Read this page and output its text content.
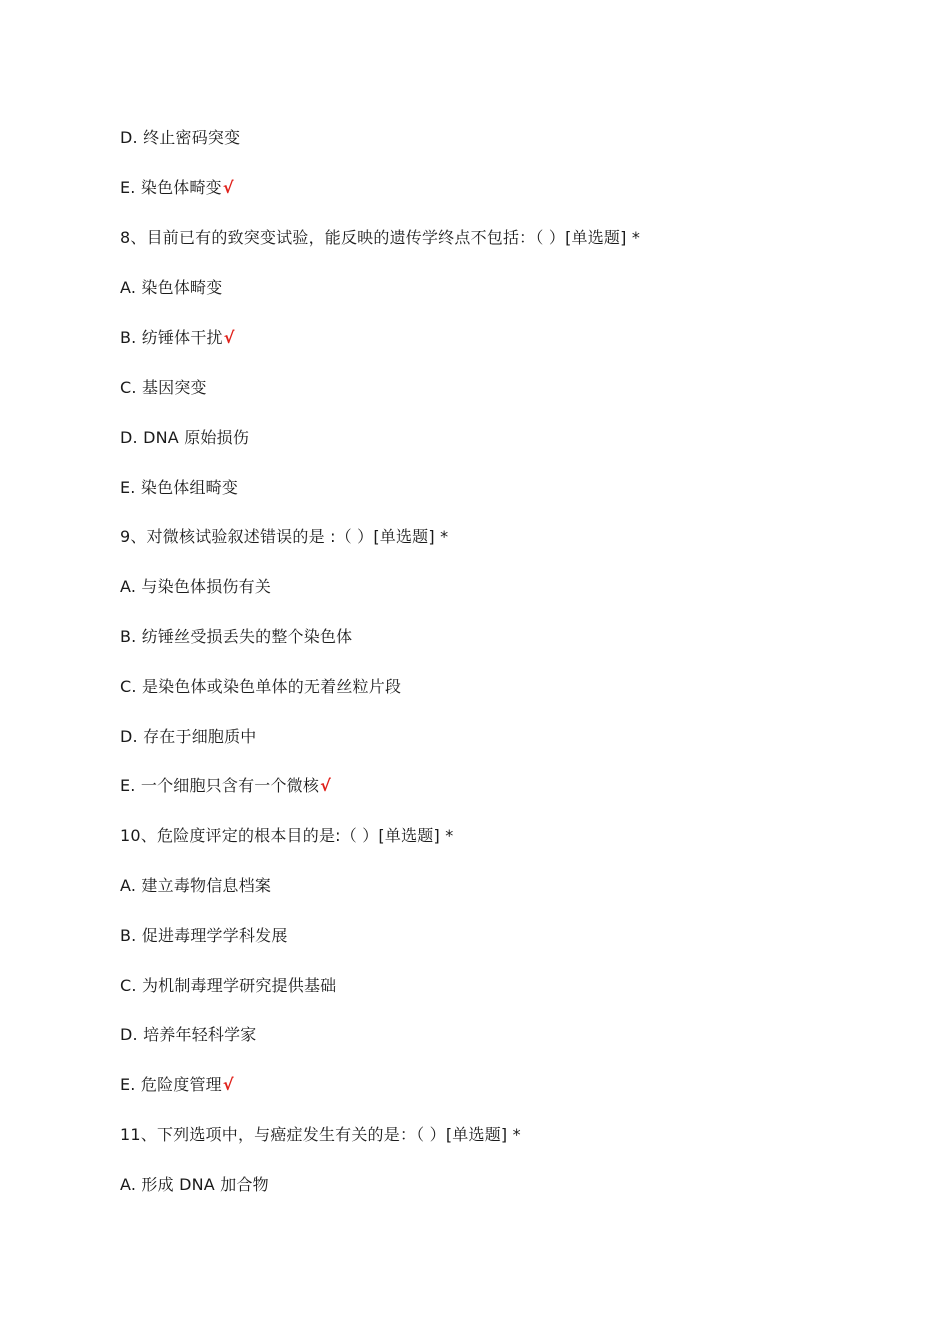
D. 终止密码突变
E. 染色体畸变√
8、目前已有的致突变试验，能反映的遗传学终点不包括：（ ）[单选题] *
A. 染色体畸变
B. 纺锤体干扰√
C. 基因突变
D. DNA 原始损伤
E. 染色体组畸变
9、对微核试验叙述错误的是 :（ ）[单选题] *
A. 与染色体损伤有关
B. 纺锤丝受损丢失的整个染色体
C. 是染色体或染色单体的无着丝粒片段
D. 存在于细胞质中
E. 一个细胞只含有一个微核√
10、危险度评定的根本目的是:（ ）[单选题] *
A. 建立毒物信息档案
B. 促进毒理学学科发展
C. 为机制毒理学研究提供基础
D. 培养年轻科学家
E. 危险度管理√
11、下列选项中，与癌症发生有关的是：（ ）[单选题] *
A. 形成 DNA 加合物
